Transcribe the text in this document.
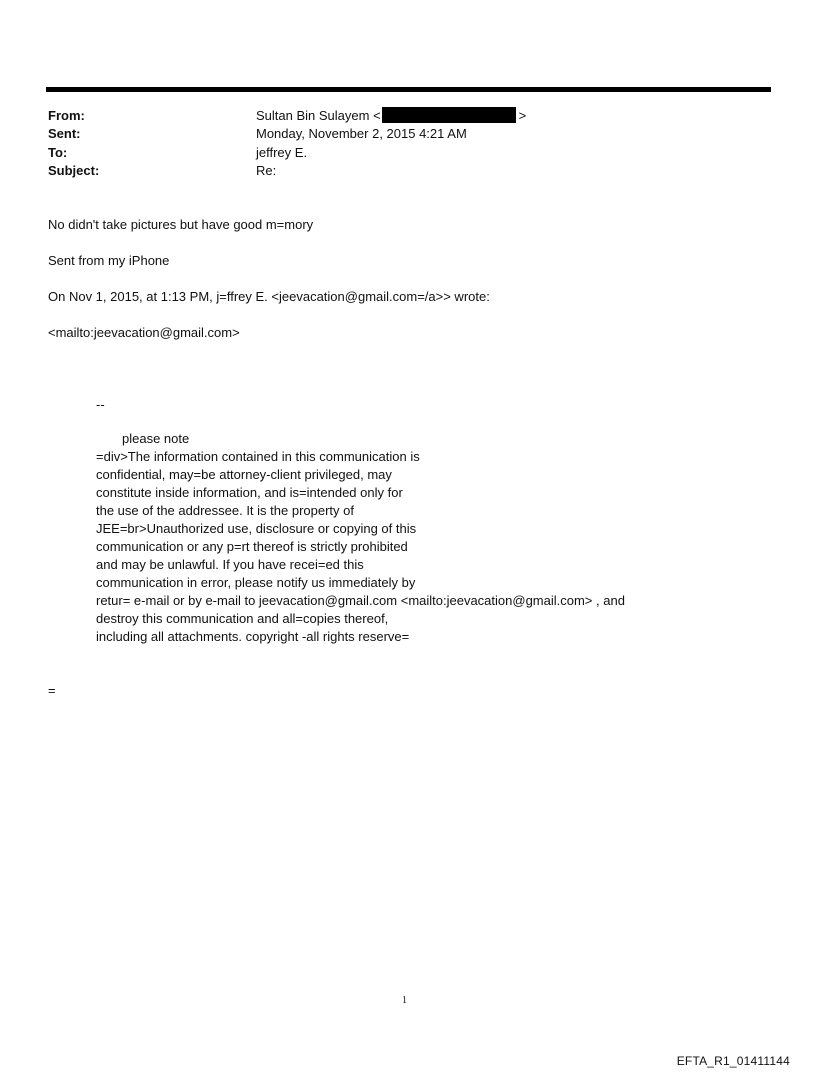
From:	Sultan Bin Sulayem <	>
Sent:	Monday, November 2, 2015 4:21 AM
To:	jeffrey E.
Subject:	Re:
No didn't take pictures but have good m=mory
Sent from my iPhone
On Nov 1, 2015, at 1:13 PM, j=ffrey E. <jeevacation@gmail.com=/a>> wrote:
<mailto:jeevacation@gmail.com>
--
please note
=div>The information contained in this communication is
confidential, may=be attorney-client privileged, may
constitute inside information, and is=intended only for
the use of the addressee. It is the property of
JEE=br>Unauthorized use, disclosure or copying of this
communication or any p=rt thereof is strictly prohibited
and may be unlawful. If you have recei=ed this
communication in error, please notify us immediately by
retur= e-mail or by e-mail to jeevacation@gmail.com <mailto:jeevacation@gmail.com> , and
destroy this communication and all=copies thereof,
including all attachments. copyright -all rights reserve=
=
1
EFTA_R1_01411144
